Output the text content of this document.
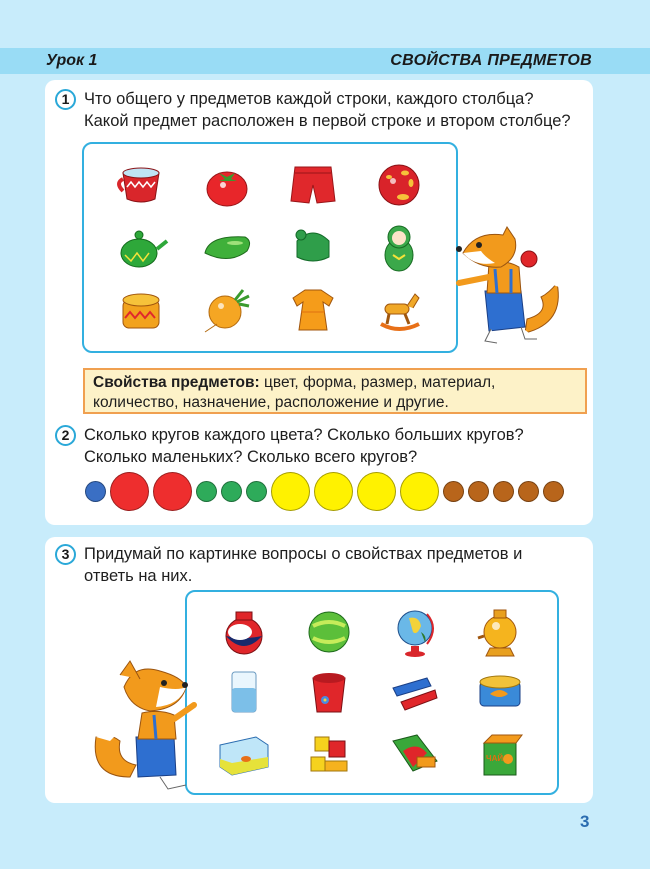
Урок 1	СВОЙСТВА ПРЕДМЕТОВ
1 Что общего у предметов каждой строки, каждого столбца?
Какой предмет расположен в первой строке и втором столбце?
Свойства предметов: цвет, форма, размер, материал, количество, назначение, расположение и другие.
2 Сколько кругов каждого цвета? Сколько больших кругов?
Сколько маленьких? Сколько всего кругов?
3 Придумай по картинке вопросы о свойствах предметов и
ответь на них.
ЧАЙ
3
